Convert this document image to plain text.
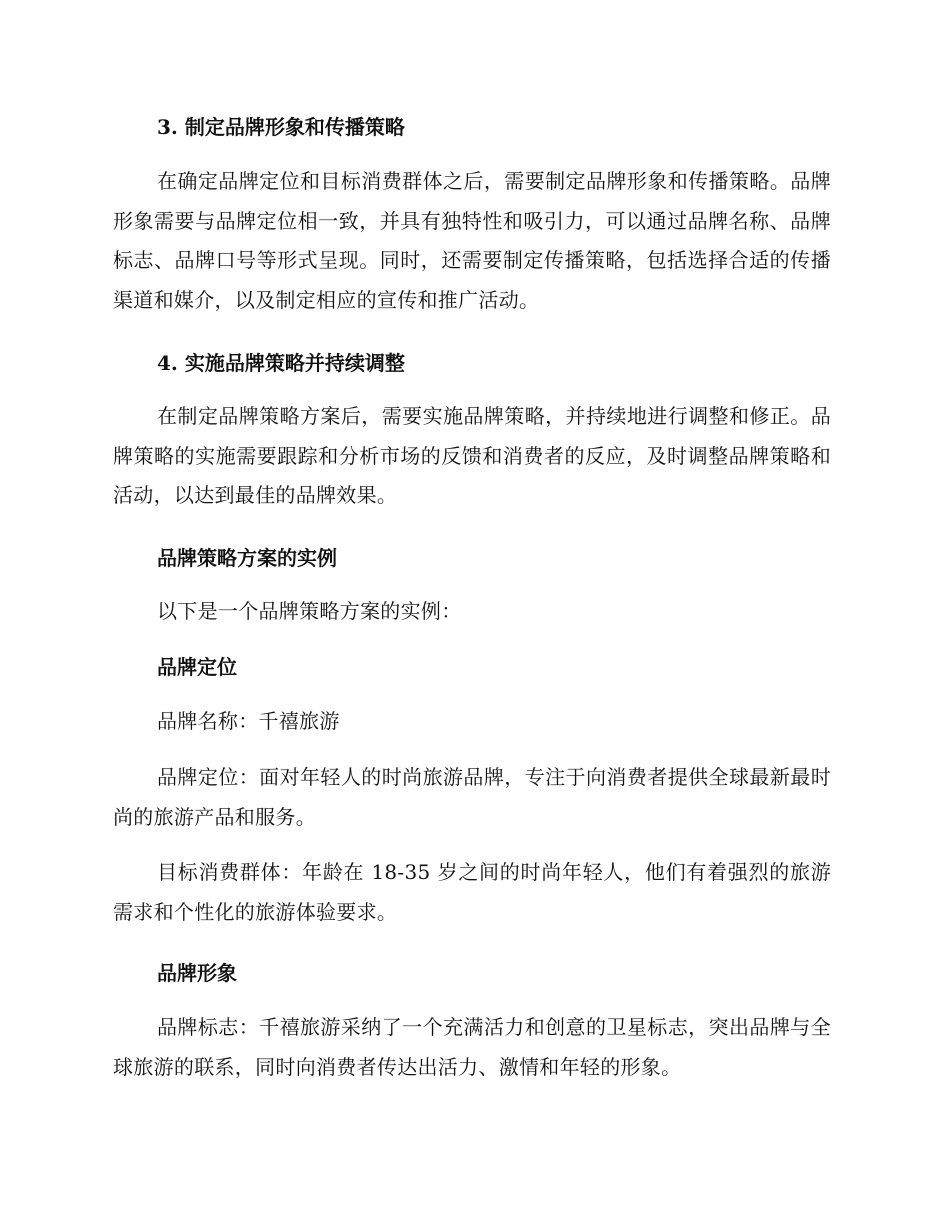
3. 制定品牌形象和传播策略

在确定品牌定位和目标消费群体之后，需要制定品牌形象和传播策略。品牌形象需要与品牌定位相一致，并具有独特性和吸引力，可以通过品牌名称、品牌标志、品牌口号等形式呈现。同时，还需要制定传播策略，包括选择合适的传播渠道和媒介，以及制定相应的宣传和推广活动。

4. 实施品牌策略并持续调整

在制定品牌策略方案后，需要实施品牌策略，并持续地进行调整和修正。品牌策略的实施需要跟踪和分析市场的反馈和消费者的反应，及时调整品牌策略和活动，以达到最佳的品牌效果。

品牌策略方案的实例

以下是一个品牌策略方案的实例：

品牌定位

品牌名称：千禧旅游

品牌定位：面对年轻人的时尚旅游品牌，专注于向消费者提供全球最新最时尚的旅游产品和服务。

目标消费群体：年龄在 18-35 岁之间的时尚年轻人，他们有着强烈的旅游需求和个性化的旅游体验要求。

品牌形象

品牌标志：千禧旅游采纳了一个充满活力和创意的卫星标志，突出品牌与全球旅游的联系，同时向消费者传达出活力、激情和年轻的形象。
